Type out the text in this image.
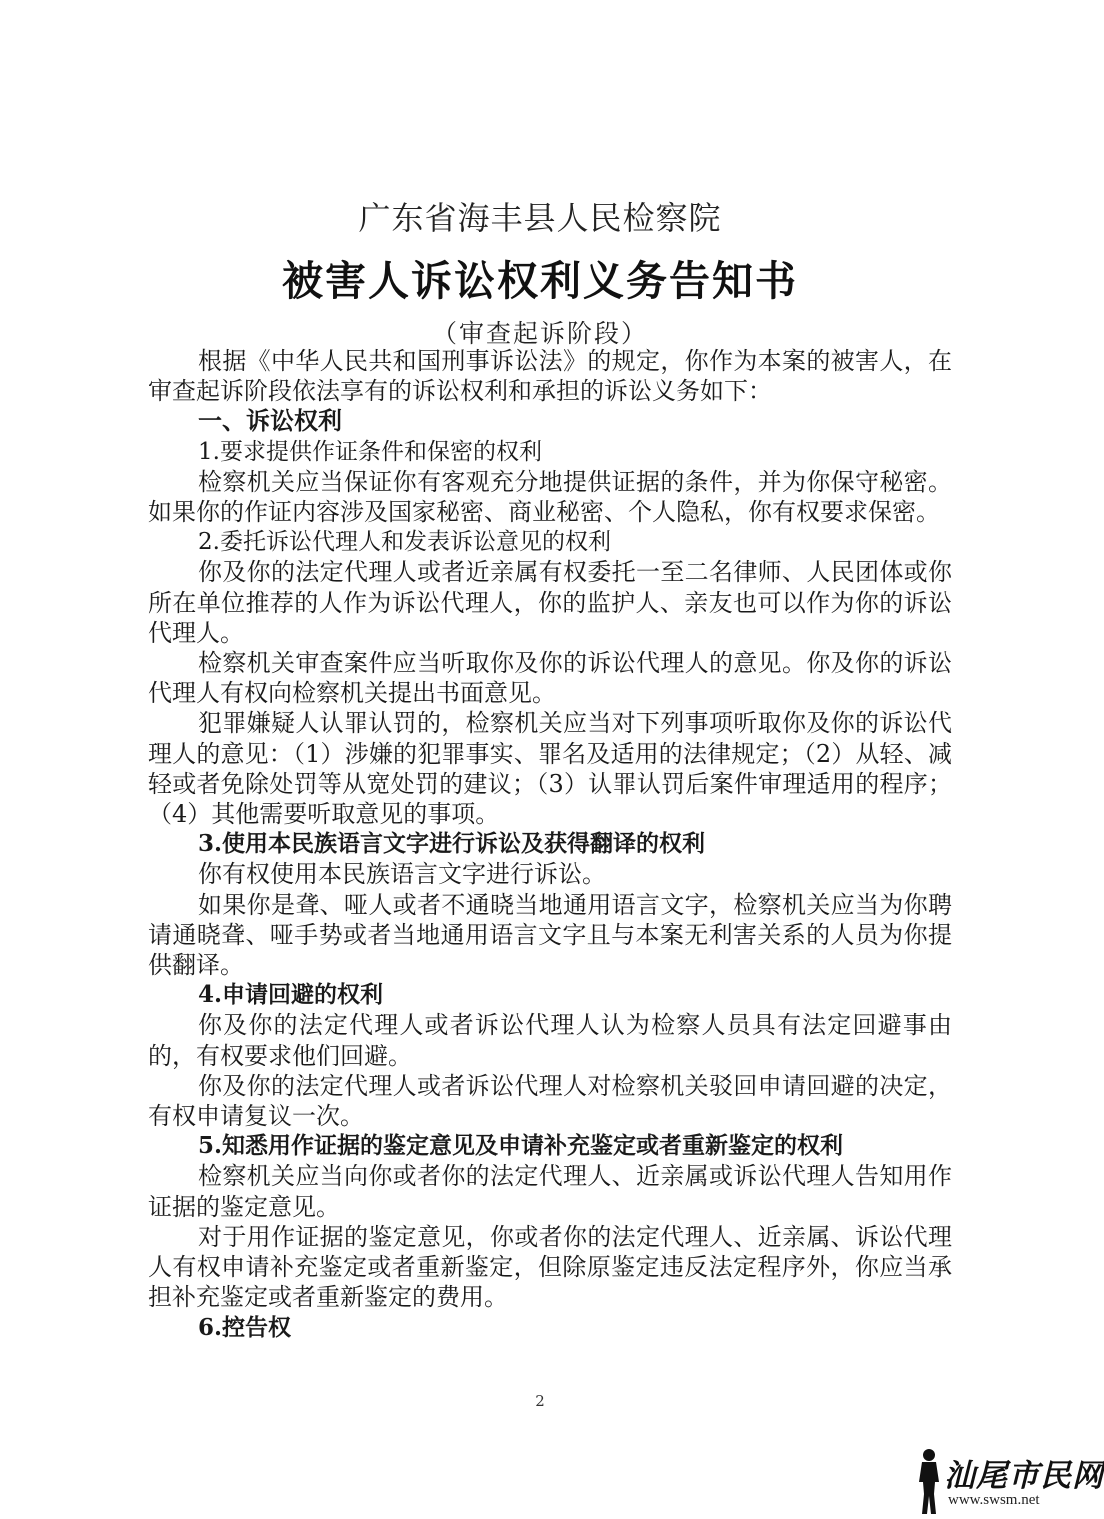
广东省海丰县人民检察院
被害人诉讼权利义务告知书
（审查起诉阶段）

根据《中华人民共和国刑事诉讼法》的规定，你作为本案的被害人，在审查起诉阶段依法享有的诉讼权利和承担的诉讼义务如下：

一、诉讼权利
1.要求提供作证条件和保密的权利

检察机关应当保证你有客观充分地提供证据的条件，并为你保守秘密。如果你的作证内容涉及国家秘密、商业秘密、个人隐私，你有权要求保密。

2.委托诉讼代理人和发表诉讼意见的权利

你及你的法定代理人或者近亲属有权委托一至二名律师、人民团体或你所在单位推荐的人作为诉讼代理人，你的监护人、亲友也可以作为你的诉讼代理人。

检察机关审查案件应当听取你及你的诉讼代理人的意见。你及你的诉讼代理人有权向检察机关提出书面意见。

犯罪嫌疑人认罪认罚的，检察机关应当对下列事项听取你及你的诉讼代理人的意见：（1）涉嫌的犯罪事实、罪名及适用的法律规定；（2）从轻、减轻或者免除处罚等从宽处罚的建议；（3）认罪认罚后案件审理适用的程序；（4）其他需要听取意见的事项。

3.使用本民族语言文字进行诉讼及获得翻译的权利

你有权使用本民族语言文字进行诉讼。

如果你是聋、哑人或者不通晓当地通用语言文字，检察机关应当为你聘请通晓聋、哑手势或者当地通用语言文字且与本案无利害关系的人员为你提供翻译。

4.申请回避的权利

你及你的法定代理人或者诉讼代理人认为检察人员具有法定回避事由的，有权要求他们回避。

你及你的法定代理人或者诉讼代理人对检察机关驳回申请回避的决定，有权申请复议一次。

5.知悉用作证据的鉴定意见及申请补充鉴定或者重新鉴定的权利

检察机关应当向你或者你的法定代理人、近亲属或诉讼代理人告知用作证据的鉴定意见。

对于用作证据的鉴定意见，你或者你的法定代理人、近亲属、诉讼代理人有权申请补充鉴定或者重新鉴定，但除原鉴定违反法定程序外，你应当承担补充鉴定或者重新鉴定的费用。

6.控告权
2
汕尾市民网
www.swsm.net
